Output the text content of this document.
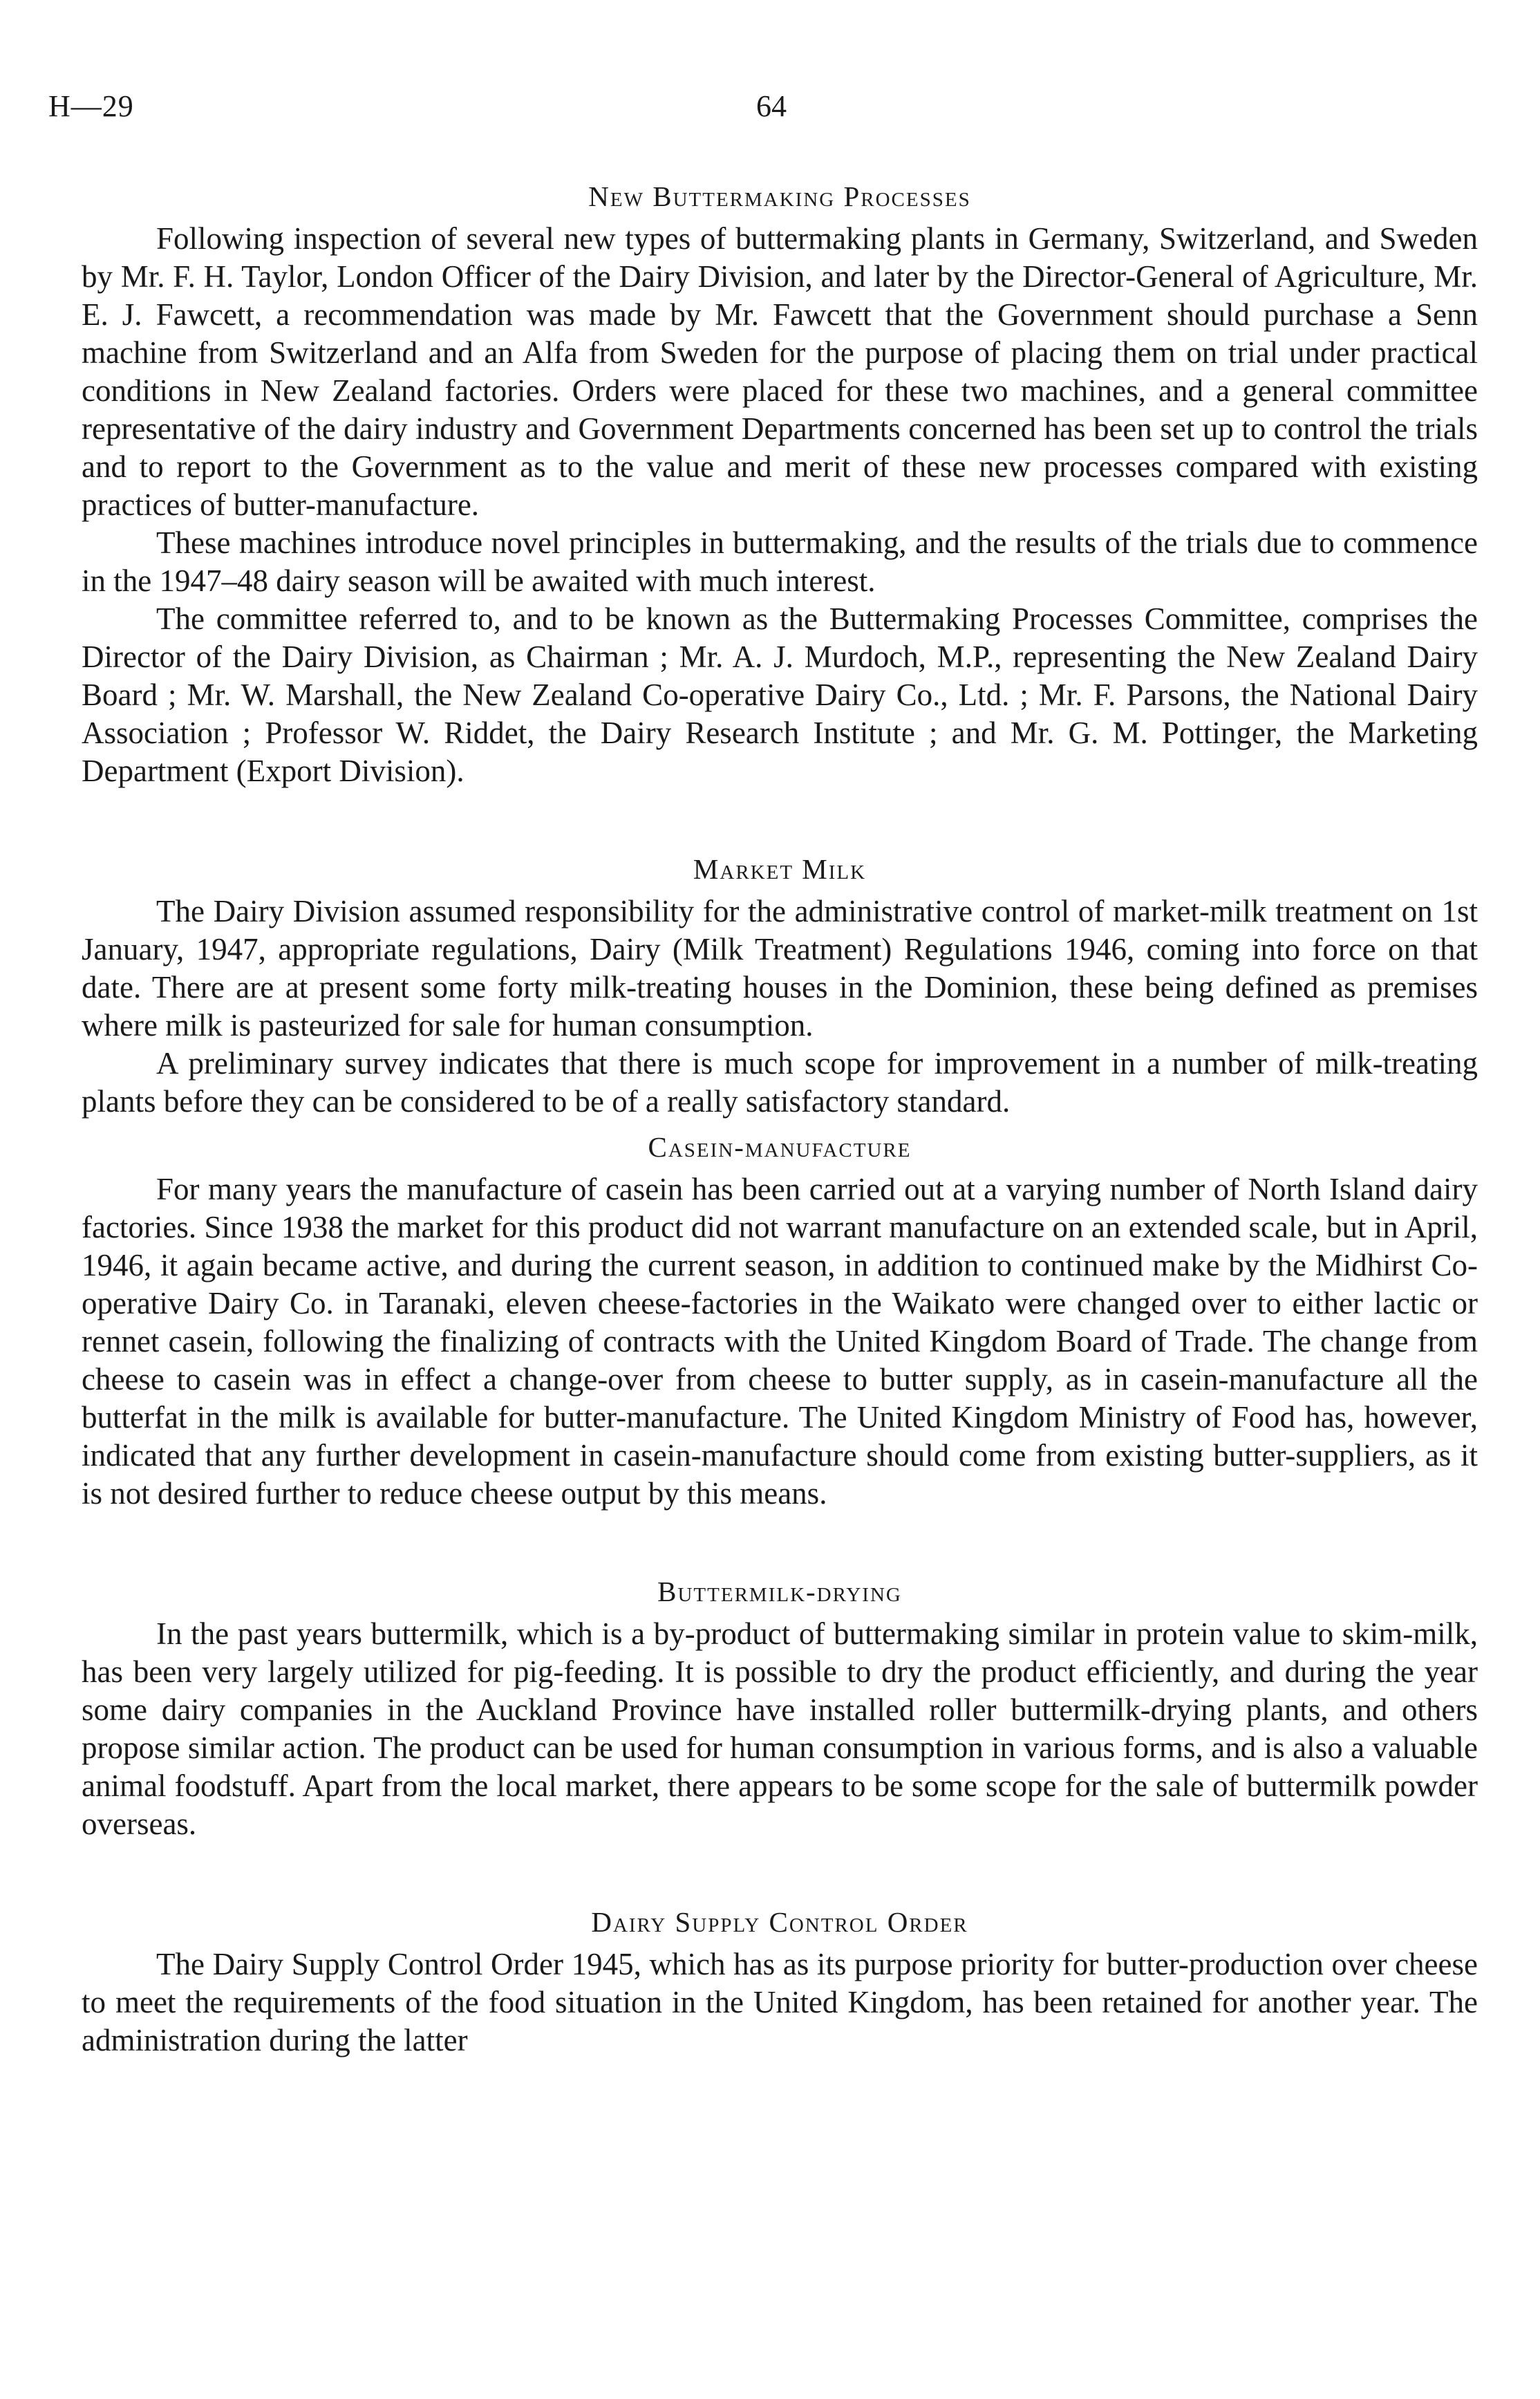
H—29	64
New Buttermaking Processes

Following inspection of several new types of buttermaking plants in Germany, Switzerland, and Sweden by Mr. F. H. Taylor, London Officer of the Dairy Division, and later by the Director-General of Agriculture, Mr. E. J. Fawcett, a recommendation was made by Mr. Fawcett that the Government should purchase a Senn machine from Switzerland and an Alfa from Sweden for the purpose of placing them on trial under practical conditions in New Zealand factories. Orders were placed for these two machines, and a general committee representative of the dairy industry and Government Departments concerned has been set up to control the trials and to report to the Government as to the value and merit of these new processes compared with existing practices of butter-manufacture.

These machines introduce novel principles in buttermaking, and the results of the trials due to commence in the 1947–48 dairy season will be awaited with much interest.

The committee referred to, and to be known as the Buttermaking Processes Committee, comprises the Director of the Dairy Division, as Chairman ; Mr. A. J. Murdoch, M.P., representing the New Zealand Dairy Board ; Mr. W. Marshall, the New Zealand Co-operative Dairy Co., Ltd. ; Mr. F. Parsons, the National Dairy Association ; Professor W. Riddet, the Dairy Research Institute ; and Mr. G. M. Pottinger, the Marketing Department (Export Division).

Market Milk

The Dairy Division assumed responsibility for the administrative control of market-milk treatment on 1st January, 1947, appropriate regulations, Dairy (Milk Treatment) Regulations 1946, coming into force on that date. There are at present some forty milk-treating houses in the Dominion, these being defined as premises where milk is pasteurized for sale for human consumption.

A preliminary survey indicates that there is much scope for improvement in a number of milk-treating plants before they can be considered to be of a really satisfactory standard.

Casein-manufacture

For many years the manufacture of casein has been carried out at a varying number of North Island dairy factories. Since 1938 the market for this product did not warrant manufacture on an extended scale, but in April, 1946, it again became active, and during the current season, in addition to continued make by the Midhirst Co-operative Dairy Co. in Taranaki, eleven cheese-factories in the Waikato were changed over to either lactic or rennet casein, following the finalizing of contracts with the United Kingdom Board of Trade. The change from cheese to casein was in effect a change-over from cheese to butter supply, as in casein-manufacture all the butterfat in the milk is available for butter-manufacture. The United Kingdom Ministry of Food has, however, indicated that any further development in casein-manufacture should come from existing butter-suppliers, as it is not desired further to reduce cheese output by this means.

Buttermilk-drying

In the past years buttermilk, which is a by-product of buttermaking similar in protein value to skim-milk, has been very largely utilized for pig-feeding. It is possible to dry the product efficiently, and during the year some dairy companies in the Auckland Province have installed roller buttermilk-drying plants, and others propose similar action. The product can be used for human consumption in various forms, and is also a valuable animal foodstuff. Apart from the local market, there appears to be some scope for the sale of buttermilk powder overseas.

Dairy Supply Control Order

The Dairy Supply Control Order 1945, which has as its purpose priority for butter-production over cheese to meet the requirements of the food situation in the United Kingdom, has been retained for another year. The administration during the latter
